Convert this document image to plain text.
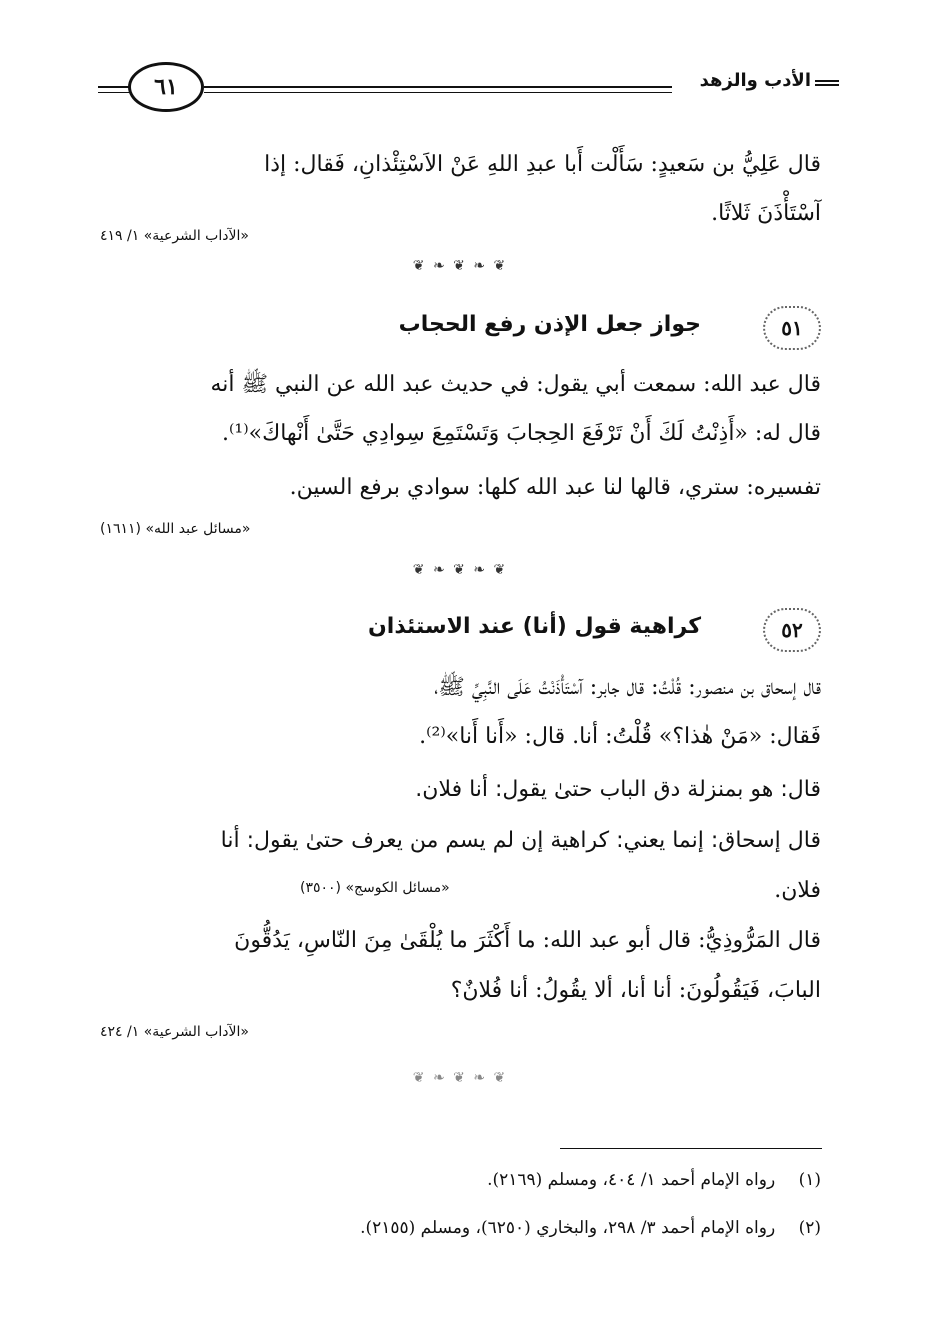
٦١	الأدب والزهد
قال عَلِيُّ بن سَعيدٍ: سَأَلْت أَبا عبدِ اللهِ عَنْ الاَسْتِئْذانِ، فَقال: إذا
آسْتَأْذَنَ ثَلاثًا.
«الآداب الشرعية» ١/ ٤١٩
❦ ❧ ❦ ❧ ❦
٥١
جواز جعل الإذن رفع الحجاب
قال عبد الله: سمعت أبي يقول: في حديث عبد الله عن النبي ﷺ أنه
قال له: «أَذِنْتُ لَكَ أَنْ تَرْفَعَ الحِجابَ وَتَسْتَمِعَ سِوادِي حَتَّىٰ أَنْهاكَ»⁽¹⁾.
تفسيره: ستري، قالها لنا عبد الله كلها: سوادي برفع السين.
«مسائل عبد الله» (١٦١١)
❦ ❧ ❦ ❧ ❦
٥٢
كراهية قول (أنا) عند الاستئذان
قال إسحاق بن منصور: قُلْتُ: قال جابر: آسْتَأْذَنْتُ عَلَى النَّبِيِّ ﷺ،
فَقال: «مَنْ هٰذا؟» قُلْتُ: أنا. قال: «أَنا أَنا»⁽²⁾.
قال: هو بمنزلة دق الباب حتىٰ يقول: أنا فلان.
قال إسحاق: إنما يعني: كراهية إن لم يسم من يعرف حتىٰ يقول: أنا
فلان.
«مسائل الكوسج» (٣٥٠٠)
قال المَرُّوذِيُّ: قال أبو عبد الله: ما أَكْثَرَ ما يُلْقَىٰ مِنَ النّاسِ، يَدُقُّونَ
البابَ، فَيَقُولُونَ: أنا أنا، ألا يقُولُ: أنا فُلانٌ؟
«الآداب الشرعية» ١/ ٤٢٤
❦ ❧ ❦ ❧ ❦
(١) رواه الإمام أحمد ١/ ٤٠٤، ومسلم (٢١٦٩).
(٢) رواه الإمام أحمد ٣/ ٢٩٨، والبخاري (٦٢٥٠)، ومسلم (٢١٥٥).
